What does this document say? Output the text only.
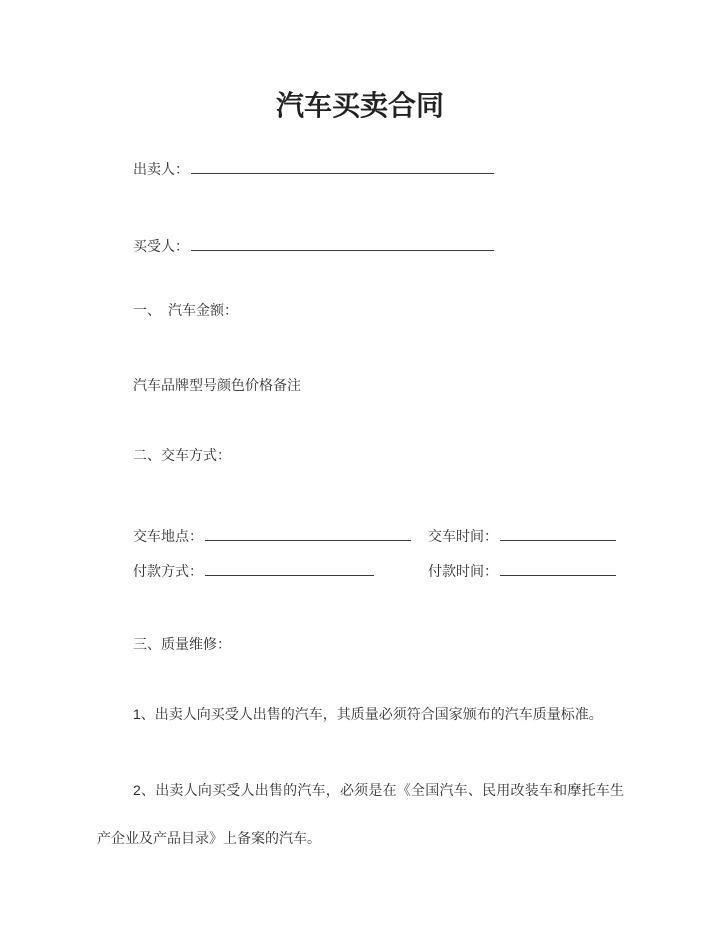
汽车买卖合同
出卖人：
买受人：
一、　汽车金额：
汽车品牌型号颜色价格备注
二、交车方式：
交车地点：	交车时间：
付款方式：	付款时间：
三、质量维修：

1、出卖人向买受人出售的汽车，其质量必须符合国家颁布的汽车质量标准。

2、出卖人向买受人出售的汽车，必须是在《全国汽车、民用改装车和摩托车生产企业及产品目录》上备案的汽车。
